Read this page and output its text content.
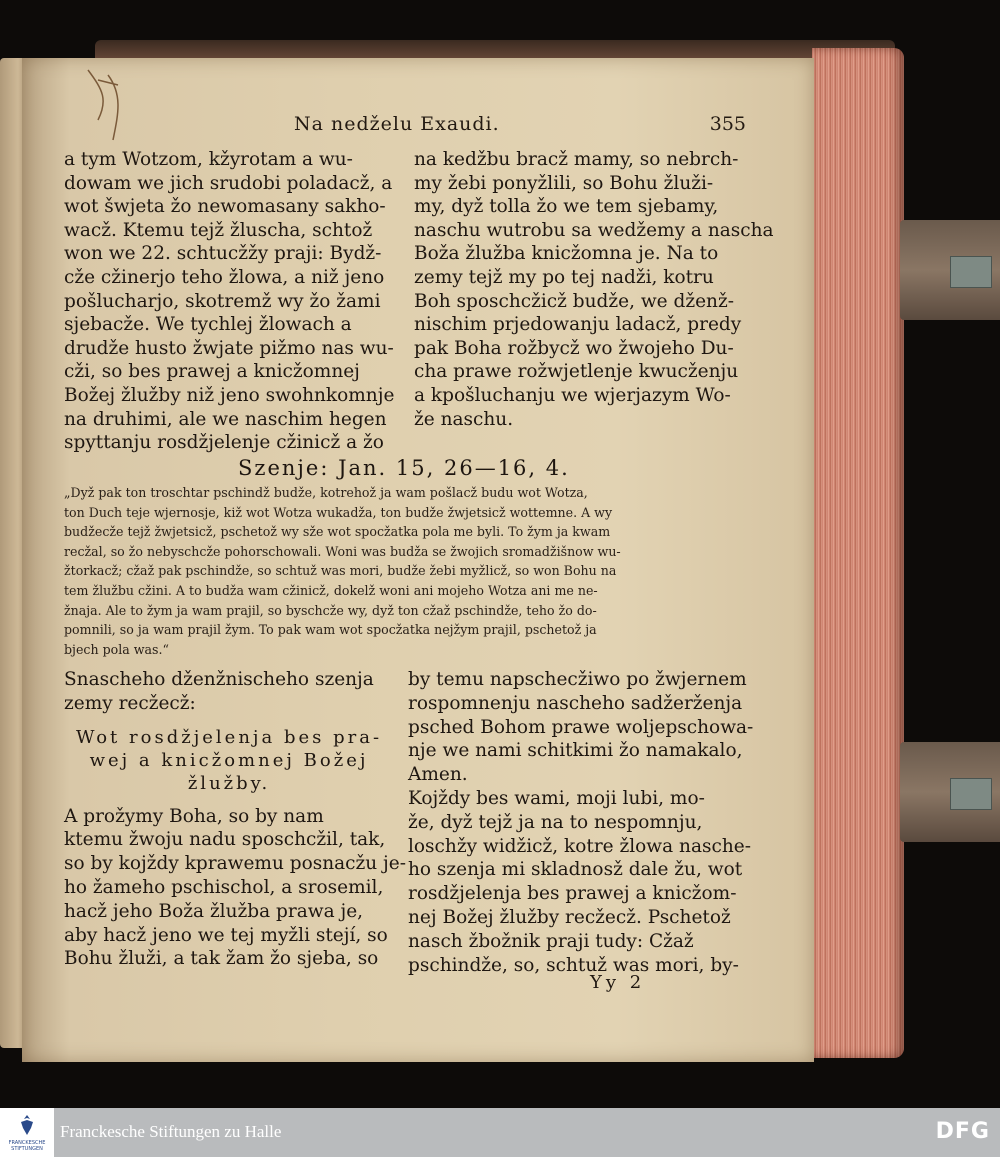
Na nedželu Exaudi.	355
a tym Wotzom, kžyrotam a wu-
dowam we jich srudobi poladacž, a
wot šwjeta žo newomasany sakho-
wacž. Ktemu tejž žluscha, schtož
won we 22. schtucžžy praji: Bydž-
cže cžinerjo teho žlowa, a niž jeno
pošlucharjo, skotremž wy žo žami
sjebacže. We tychlej žlowach a
drudže husto žwjate pižmo nas wu-
cži, so bes prawej a knicžomnej
Božej žlužby niž jeno swohnkomnje
na druhimi, ale we naschim hegen
spyttanju rosdžjelenje cžinicž a žo
na kedžbu bracž mamy, so nebrch-
my žebi ponyžlili, so Bohu žluži-
my, dyž tolla žo we tem sjebamy,
naschu wutrobu sa wedžemy a nascha
Boža žlužba knicžomna je. Na to
zemy tejž my po tej nadži, kotru
Boh sposchcžicž budže, we dženž-
nischim prjedowanju ladacž, predy
pak Boha rožbycž wo žwojeho Du-
cha prawe rožwjetlenje kwucženju
a kpošluchanju we wjerjazym Wo-
že naschu.
Szenje: Jan. 15, 26—16, 4.
„Dyž pak ton troschtar pschindž budže, kotrehož ja wam pošlacž budu wot Wotza,
ton Duch teje wjernosje, kiž wot Wotza wukadža, ton budže žwjetsicž wottemne. A wy
budžecže tejž žwjetsicž, pschetož wy sže wot spocžatka pola me byli. To žym ja kwam
recžal, so žo nebyschcže pohorschowali. Woni was budža se žwojich sromadžišnow wu-
žtorkacž; cžaž pak pschindže, so schtuž was mori, budže žebi myžlicž, so won Bohu na
tem žlužbu cžini. A to budža wam cžinicž, dokelž woni ani mojeho Wotza ani me ne-
žnaja. Ale to žym ja wam prajil, so byschcže wy, dyž ton cžaž pschindže, teho žo do-
pomnili, so ja wam prajil žym. To pak wam wot spocžatka nejžym prajil, pschetož ja
bjech pola was.“
Snascheho dženžnischeho szenja
zemy recžecž:
Wot rosdžjelenja bes pra-
wej a knicžomnej Božej
žlužby.
A prožymy Boha, so by nam
ktemu žwoju nadu sposchcžil, tak,
so by kojždy kprawemu posnacžu je-
ho žameho pschischol, a srosemil,
hacž jeho Boža žlužba prawa je,
aby hacž jeno we tej myžli stejí, so
Bohu žluži, a tak žam žo sjeba, so
by temu napschecžiwo po žwjernem
rospomnenju nascheho sadžerženja
psched Bohom prawe woljepschowa-
nje we nami schitkimi žo namakalo,
Amen.
Kojždy bes wami, moji lubi, mo-
že, dyž tejž ja na to nespomnju,
loschžy widžicž, kotre žlowa nasche-
ho szenja mi skladnosž dale žu, wot
rosdžjelenja bes prawej a knicžom-
nej Božej žlužby recžecž. Pschetož
nasch žbožnik praji tudy: Cžaž
pschindže, so, schtuž was mori, by-
Yy 2
FRANCKESCHE STIFTUNGEN
Franckesche Stiftungen zu Halle	DFG
